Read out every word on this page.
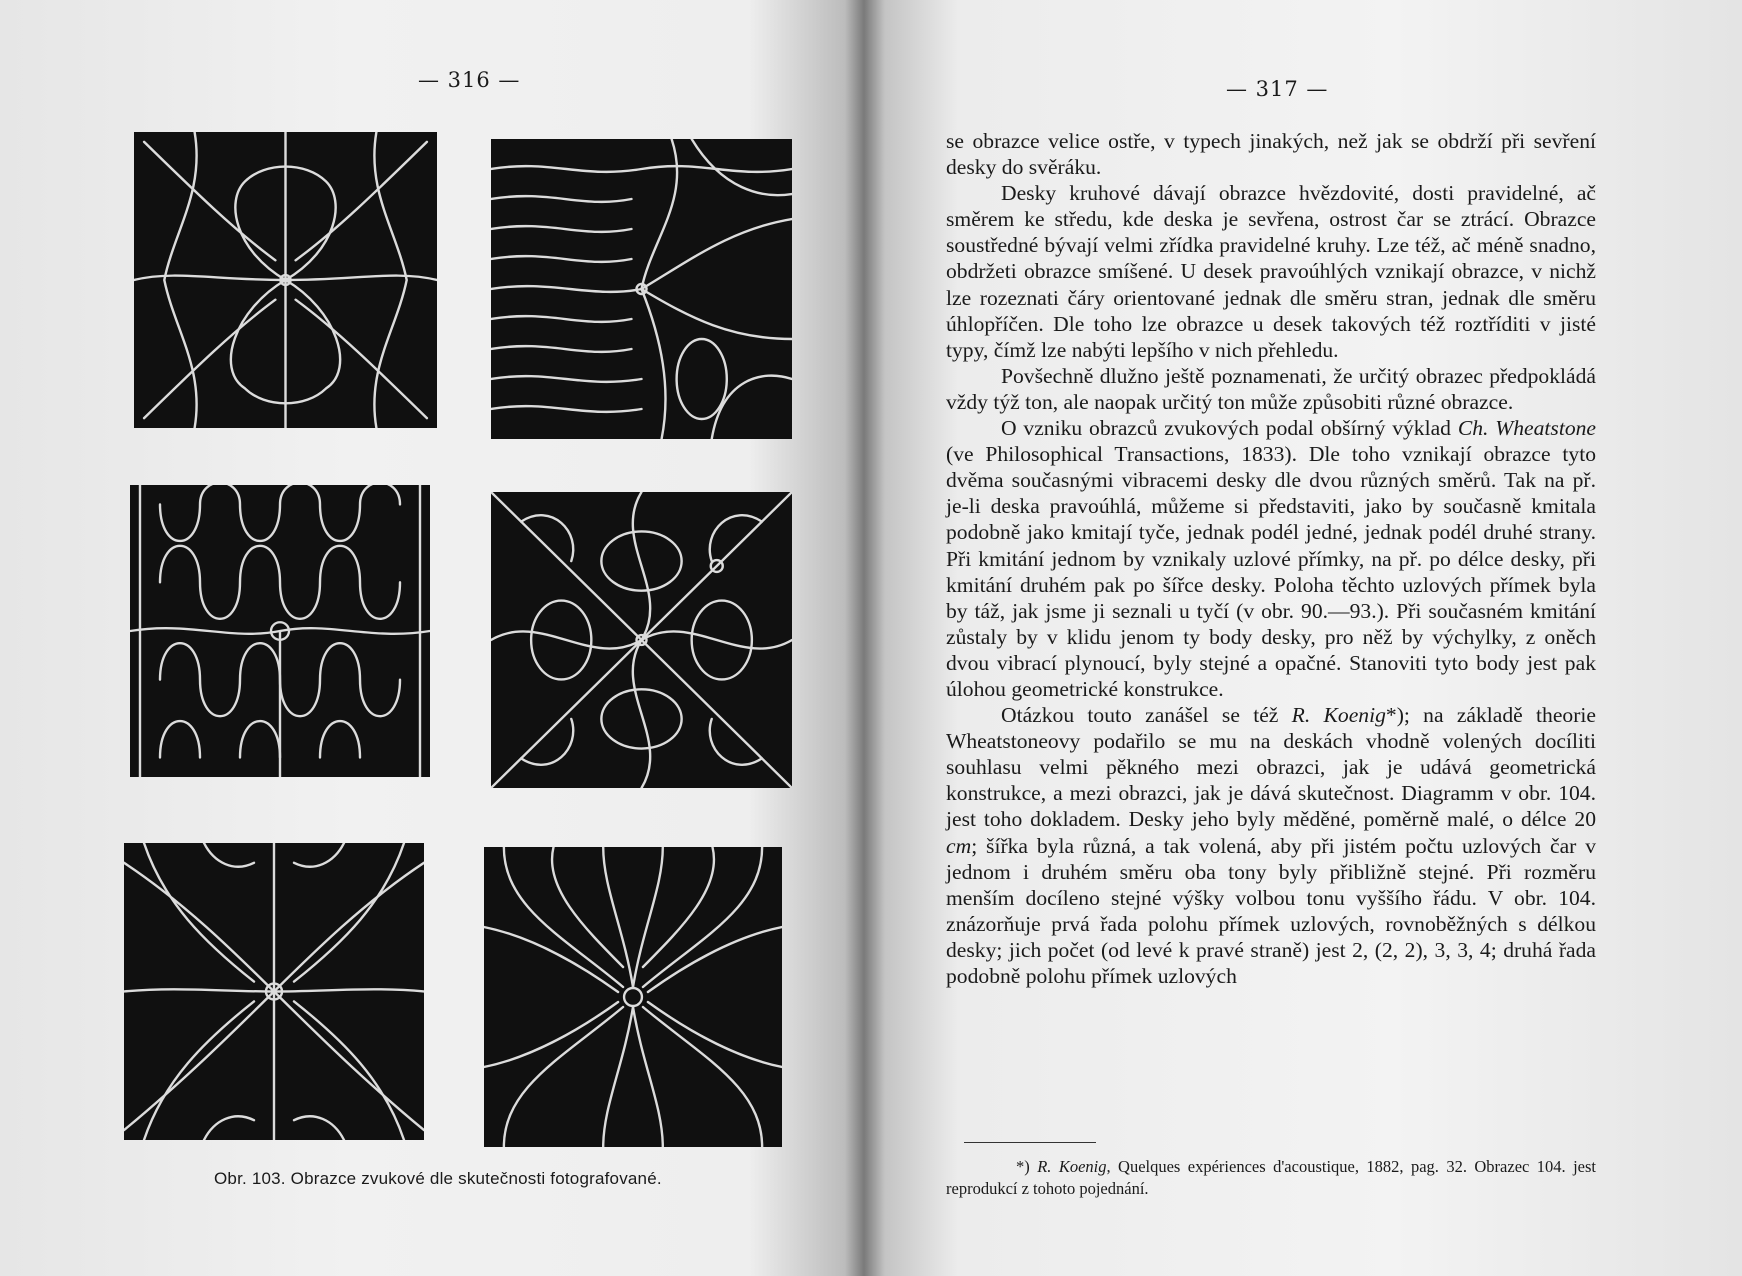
— 316 —
Obr. 103. Obrazce zvukové dle skutečnosti fotografované.
— 317 —

se obrazce velice ostře, v typech jinakých, než jak se obdrží při sevření desky do svěráku.

Desky kruhové dávají obrazce hvězdovité, dosti pravidelné, ač směrem ke středu, kde deska je sevřena, ostrost čar se ztrácí. Obrazce soustředné bývají velmi zřídka pravidelné kruhy. Lze též, ač méně snadno, obdržeti obrazce smíšené. U desek pravoúhlých vznikají obrazce, v nichž lze rozeznati čáry orientované jednak dle směru stran, jednak dle směru úhlopříčen. Dle toho lze obrazce u desek takových též roztříditi v jisté typy, čímž lze nabýti lepšího v nich přehledu.

Povšechně dlužno ještě poznamenati, že určitý obrazec předpokládá vždy týž ton, ale naopak určitý ton může způsobiti různé obrazce.

O vzniku obrazců zvukových podal obšírný výklad Ch. Wheatstone (ve Philosophical Transactions, 1833). Dle toho vznikají obrazce tyto dvěma současnými vibracemi desky dle dvou různých směrů. Tak na př. je-li deska pravoúhlá, můžeme si představiti, jako by současně kmitala podobně jako kmitají tyče, jednak podél jedné, jednak podél druhé strany. Při kmitání jednom by vznikaly uzlové přímky, na př. po délce desky, při kmitání druhém pak po šířce desky. Poloha těchto uzlových přímek byla by táž, jak jsme ji seznali u tyčí (v obr. 90.—93.). Při současném kmitání zůstaly by v klidu jenom ty body desky, pro něž by výchylky, z oněch dvou vibrací plynoucí, byly stejné a opačné. Stanoviti tyto body jest pak úlohou geometrické konstrukce.

Otázkou touto zanášel se též R. Koenig*); na základě theorie Wheatstoneovy podařilo se mu na deskách vhodně volených docíliti souhlasu velmi pěkného mezi obrazci, jak je udává geometrická konstrukce, a mezi obrazci, jak je dává skutečnost. Diagramm v obr. 104. jest toho dokladem. Desky jeho byly měděné, poměrně malé, o délce 20 cm; šířka byla různá, a tak volená, aby při jistém počtu uzlových čar v jednom i druhém směru oba tony byly přibližně stejné. Při rozměru menším docíleno stejné výšky volbou tonu vyššího řádu. V obr. 104. znázorňuje prvá řada polohu přímek uzlových, rovnoběžných s délkou desky; jich počet (od levé k pravé straně) jest 2, (2, 2), 3, 3, 4; druhá řada podobně polohu přímek uzlových

*) R. Koenig, Quelques expériences d'acoustique, 1882, pag. 32. Obrazec 104. jest reprodukcí z tohoto pojednání.
